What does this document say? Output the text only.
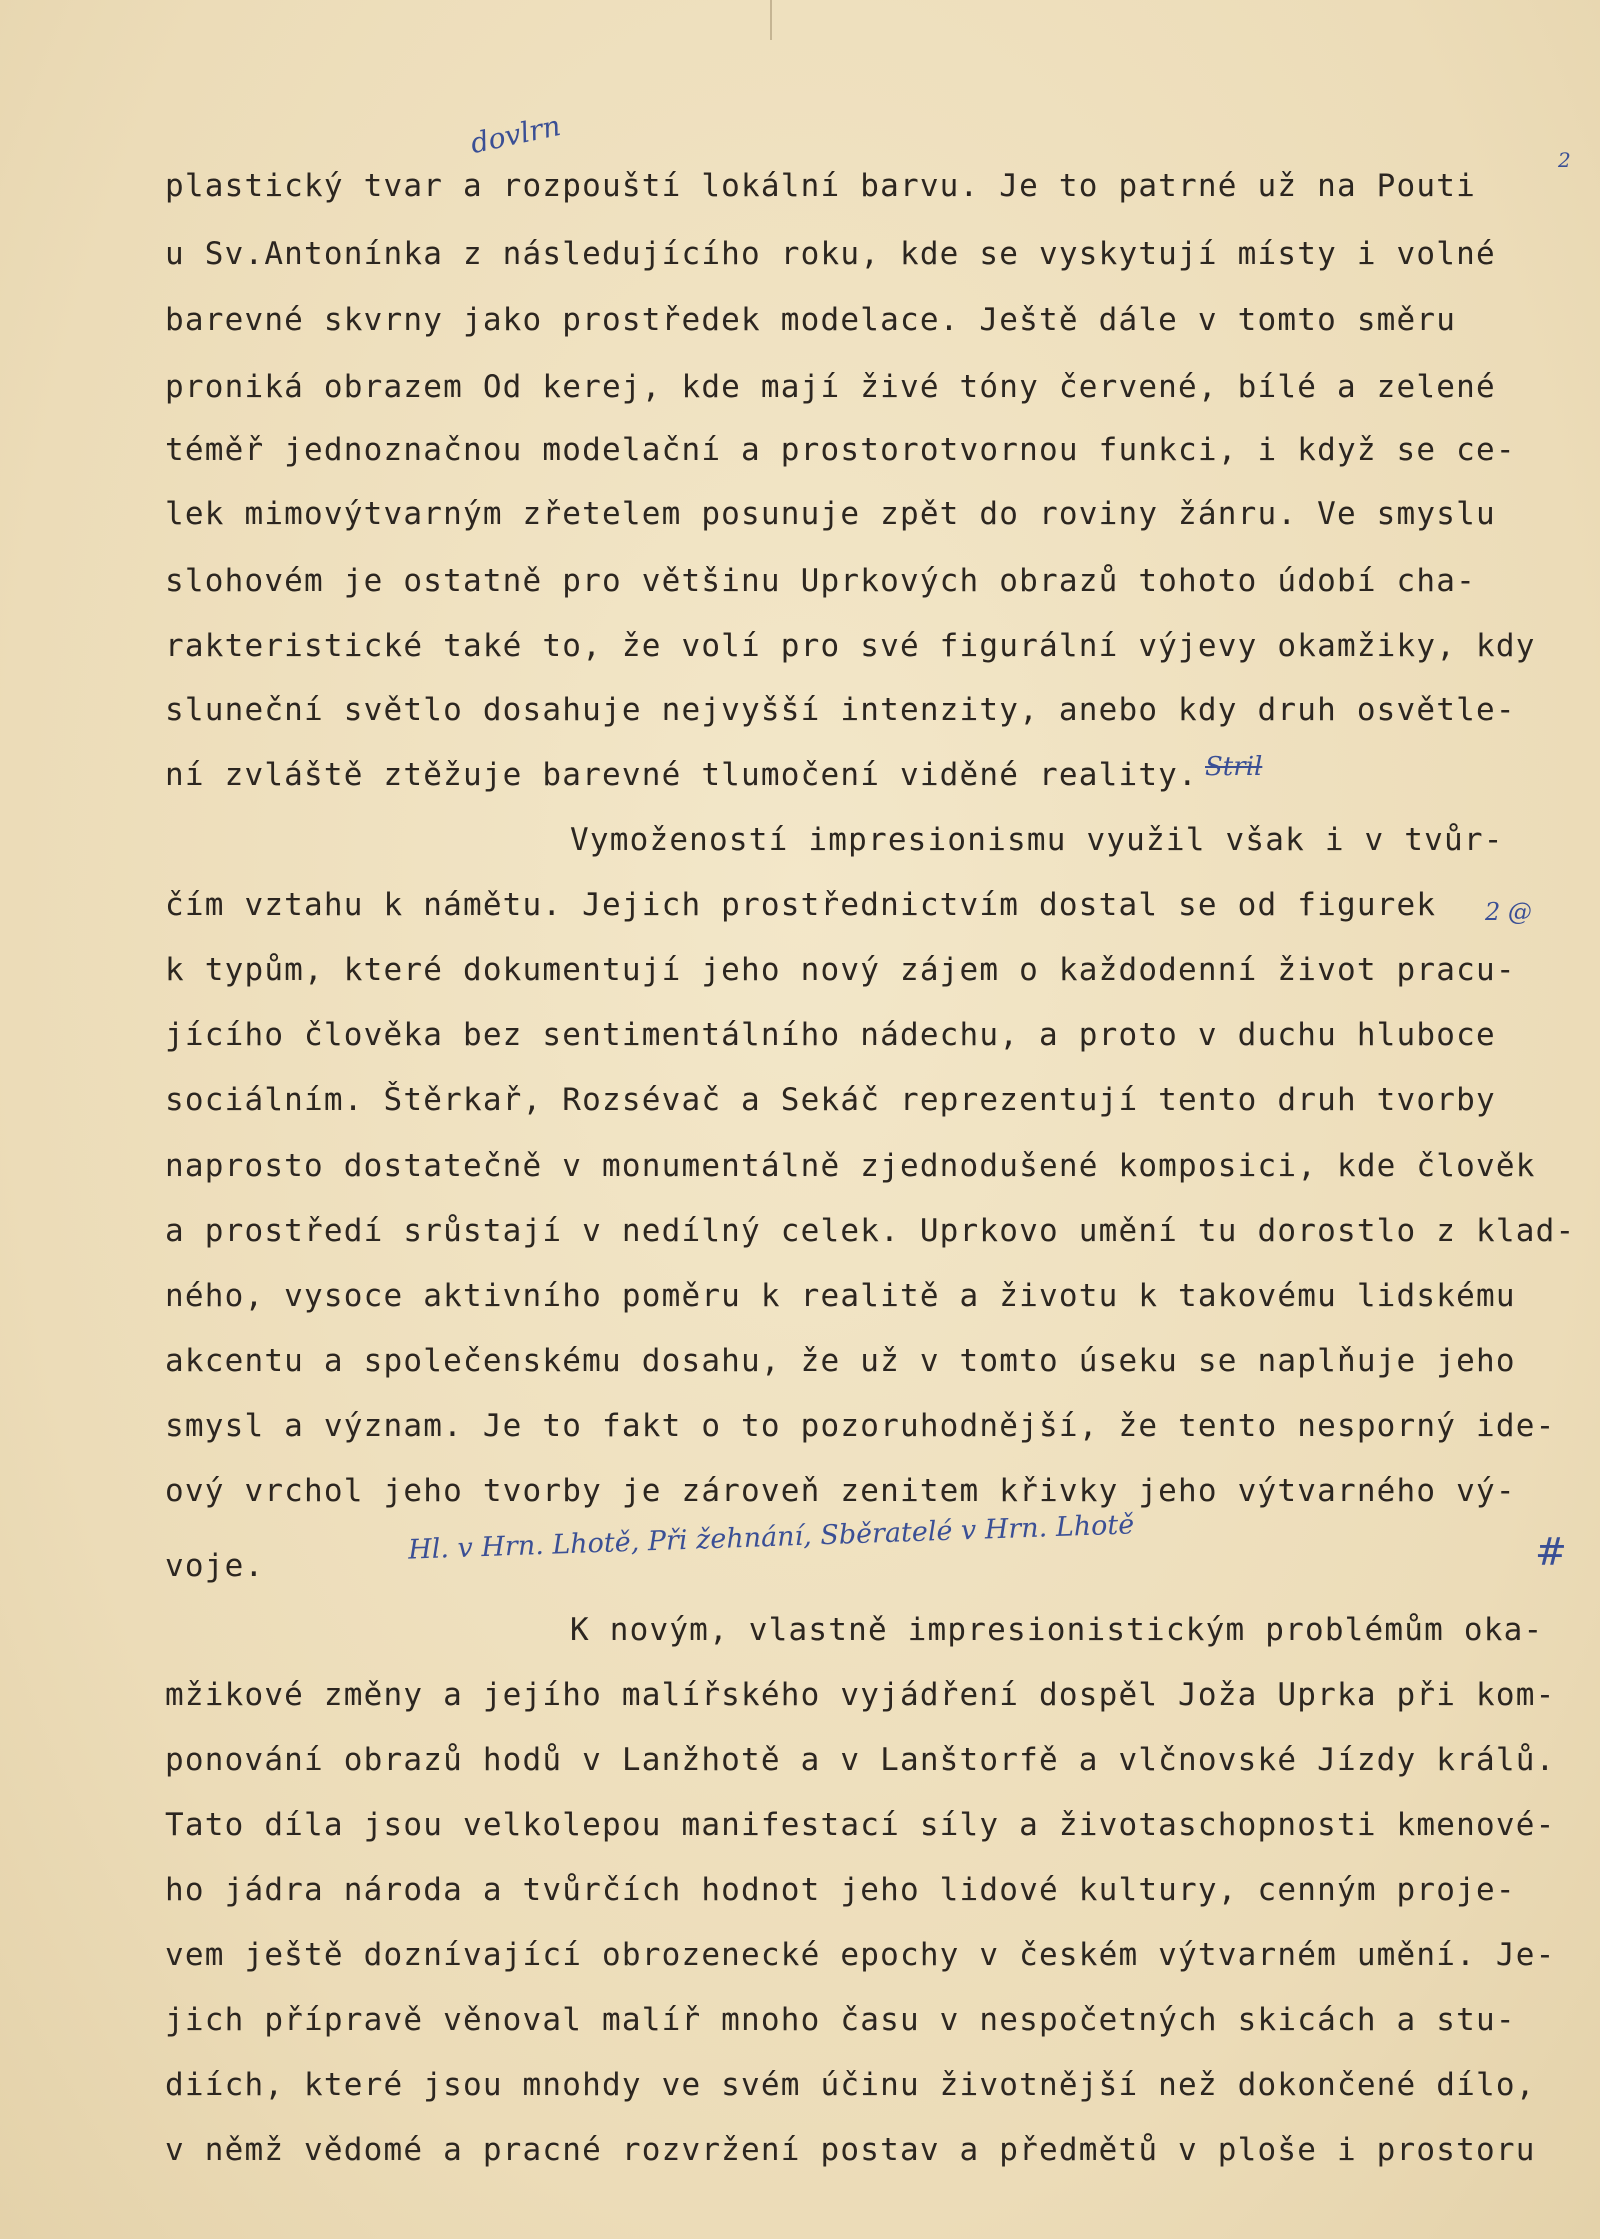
dovlrn	2
Stril
2 @
Hl. v Hrn. Lhotě, Při žehnání, Sběratelé v Hrn. Lhotě	#

plastický tvar a rozpouští lokální barvu. Je to patrné už na Pouti

u Sv.Antonínka z následujícího roku, kde se vyskytují místy i volné

barevné skvrny jako prostředek modelace. Ještě dále v tomto směru

proniká obrazem Od kerej, kde mají živé tóny červené, bílé a zelené

téměř jednoznačnou modelační a prostorotvornou funkci, i když se ce-

lek mimovýtvarným zřetelem posunuje zpět do roviny žánru. Ve smyslu

slohovém je ostatně pro většinu Uprkových obrazů tohoto údobí cha-

rakteristické také to, že volí pro své figurální výjevy okamžiky, kdy

sluneční světlo dosahuje nejvyšší intenzity, anebo kdy druh osvětle-

ní zvláště ztěžuje barevné tlumočení viděné reality.

Vymožeností impresionismu využil však i v tvůr-

čím vztahu k námětu. Jejich prostřednictvím dostal se od figurek

k typům, které dokumentují jeho nový zájem o každodenní život pracu-

jícího člověka bez sentimentálního nádechu, a proto v duchu hluboce

sociálním. Štěrkař, Rozsévač a Sekáč reprezentují tento druh tvorby

naprosto dostatečně v monumentálně zjednodušené komposici, kde člověk

a prostředí srůstají v nedílný celek. Uprkovo umění tu dorostlo z klad-

ného, vysoce aktivního poměru k realitě a životu k takovému lidskému

akcentu a společenskému dosahu, že už v tomto úseku se naplňuje jeho

smysl a význam. Je to fakt o to pozoruhodnější, že tento nesporný ide-

ový vrchol jeho tvorby je zároveň zenitem křivky jeho výtvarného vý-

voje.

K novým, vlastně impresionistickým problémům oka-

mžikové změny a jejího malířského vyjádření dospěl Joža Uprka při kom-

ponování obrazů hodů v Lanžhotě a v Lanštorfě a vlčnovské Jízdy králů.

Tato díla jsou velkolepou manifestací síly a životaschopnosti kmenové-

ho jádra národa a tvůrčích hodnot jeho lidové kultury, cenným proje-

vem ještě doznívající obrozenecké epochy v českém výtvarném umění. Je-

jich přípravě věnoval malíř mnoho času v nespočetných skicách a stu-

diích, které jsou mnohdy ve svém účinu životnější než dokončené dílo,

v němž vědomé a pracné rozvržení postav a předmětů v ploše i prostoru
